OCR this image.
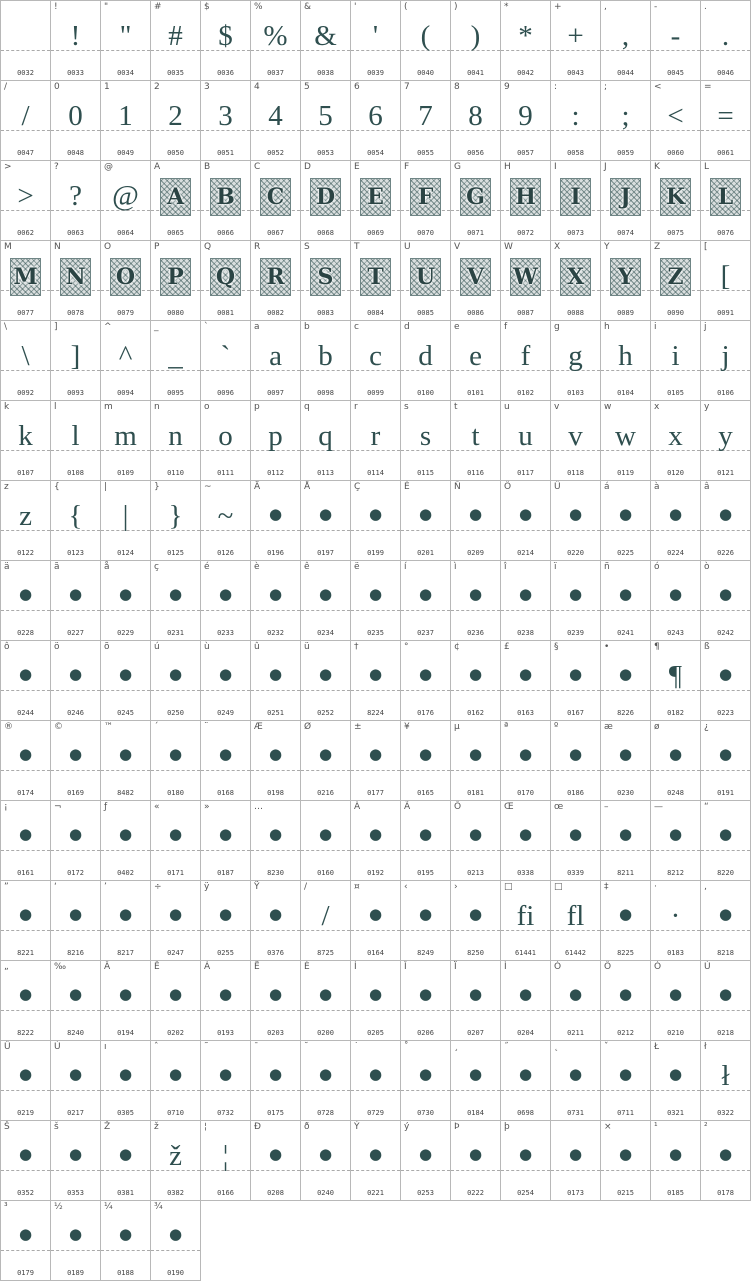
0032
!
!
0033
"
"
0034
#
#
0035
$
$
0036
%
%
0037
&
&
0038
'
'
0039
(
(
0040
)
)
0041
*
*
0042
+
+
0043
,
,
0044
-
-
0045
.
.
0046
/
/
0047
0
0
0048
1
1
0049
2
2
0050
3
3
0051
4
4
0052
5
5
0053
6
6
0054
7
7
0055
8
8
0056
9
9
0057
:
:
0058
;
;
0059
<
<
0060
=
=
0061
>
>
0062
?
?
0063
@
@
0064
A
A
0065
B
B
0066
C
C
0067
D
D
0068
E
E
0069
F
F
0070
G
G
0071
H
H
0072
I
I
0073
J
J
0074
K
K
0075
L
L
0076
M
M
0077
N
N
0078
O
O
0079
P
P
0080
Q
Q
0081
R
R
0082
S
S
0083
T
T
0084
U
U
0085
V
V
0086
W
W
0087
X
X
0088
Y
Y
0089
Z
Z
0090
[
[
0091
\
\
0092
]
]
0093
^
^
0094
_
_
0095
`
`
0096
a
a
0097
b
b
0098
c
c
0099
d
d
0100
e
e
0101
f
f
0102
g
g
0103
h
h
0104
i
i
0105
j
j
0106
k
k
0107
l
l
0108
m
m
0109
n
n
0110
o
o
0111
p
p
0112
q
q
0113
r
r
0114
s
s
0115
t
t
0116
u
u
0117
v
v
0118
w
w
0119
x
x
0120
y
y
0121
z
z
0122
{
{
0123
|
|
0124
}
}
0125
~
~
0126
Ä
●
0196
Å
●
0197
Ç
●
0199
É
●
0201
Ñ
●
0209
Ö
●
0214
Ü
●
0220
á
●
0225
à
●
0224
â
●
0226
ä
●
0228
ã
●
0227
å
●
0229
ç
●
0231
é
●
0233
è
●
0232
ê
●
0234
ë
●
0235
í
●
0237
ì
●
0236
î
●
0238
ï
●
0239
ñ
●
0241
ó
●
0243
ò
●
0242
ô
●
0244
ö
●
0246
õ
●
0245
ú
●
0250
ù
●
0249
û
●
0251
ü
●
0252
†
●
8224
°
●
0176
¢
●
0162
£
●
0163
§
●
0167
•
●
8226
¶
¶
0182
ß
●
0223
®
●
0174
©
●
0169
™
●
8482
´
●
0180
¨
●
0168
Æ
●
0198
Ø
●
0216
±
●
0177
¥
●
0165
µ
●
0181
ª
●
0170
º
●
0186
æ
●
0230
ø
●
0248
¿
●
0191
¡
●
0161
¬
●
0172
ƒ
●
0402
«
●
0171
»
●
0187
…
●
8230
●
0160
À
●
0192
Ã
●
0195
Õ
●
0213
Œ
●
0338
œ
●
0339
–
●
8211
—
●
8212
“
●
8220
”
●
8221
‘
●
8216
’
●
8217
÷
●
0247
ÿ
●
0255
Ÿ
●
0376
/
/
8725
¤
●
0164
‹
●
8249
›
●
8250
□
fi
61441
□
fl
61442
‡
●
8225
·
·
0183
‚
●
8218
„
●
8222
‰
●
8240
Â
●
0194
Ê
●
0202
Á
●
0193
Ë
●
0203
È
●
0200
Í
●
0205
Î
●
0206
Ï
●
0207
Ì
●
0204
Ó
●
0211
Ô
●
0212
Ò
●
0210
Ú
●
0218
Û
●
0219
Ù
●
0217
ı
●
0305
ˆ
●
0710
˜
●
0732
¯
●
0175
˘
●
0728
˙
●
0729
˚
●
0730
¸
●
0184
˝
●
0698
˛
●
0731
ˇ
●
0711
Ł
●
0321
ł
ł
0322
Š
●
0352
š
●
0353
Ž
●
0381
ž
ž
0382
¦
¦
0166
Ð
●
0208
ð
●
0240
Ý
●
0221
ý
●
0253
Þ
●
0222
þ
●
0254
●
0173
×
●
0215
¹
●
0185
²
●
0178
³
●
0179
½
●
0189
¼
●
0188
¾
●
0190
